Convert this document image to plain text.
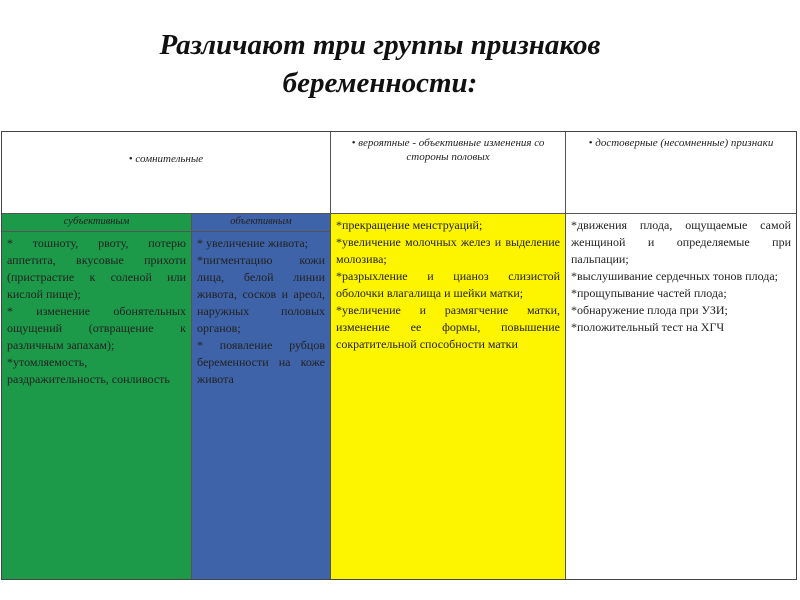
Различают три группы признаков
беременности:
• сомнительные
• вероятные - объективные изменения со стороны половых
• достоверные (несомненные) признаки
субъективным	объективным
* тошноту, рвоту, потерю аппетита, вкусовые прихоти (пристрастие к соленой или кислой пище);
* изменение обонятельных ощущений (отвращение к различным запахам);
*утомляемость, раздражительность, сонливость
* увеличение живота;
*пигментацию кожи лица, белой линии живота, сосков и ареол, наружных половых органов;
* появление рубцов беременности на коже живота
*прекращение менструаций;
*увеличение молочных желез и выделение молозива;
*разрыхление и цианоз слизистой оболочки влагалища и шейки матки;
*увеличение и размягчение матки, изменение ее формы, повышение сократительной способности матки
*движения плода, ощущаемые самой женщиной и определяемые при пальпации;
*выслушивание сердечных тонов плода;
*прощупывание частей плода;
*обнаружение плода при УЗИ;
*положительный тест на ХГЧ
